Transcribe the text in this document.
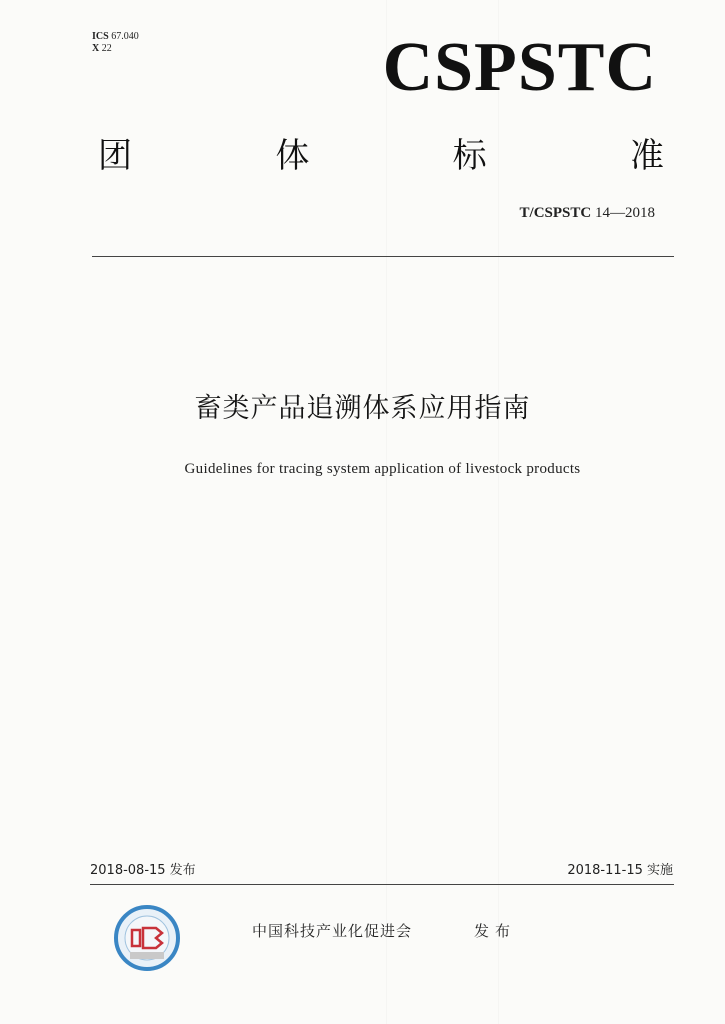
ICS 67.040
X 22	CSPSTC
团	体	标	准
T/CSPSTC 14—2018
畜类产品追溯体系应用指南
Guidelines for tracing system application of livestock products
2018-08-15 发布	2018-11-15 实施
中国科技产业化促进会	发布
